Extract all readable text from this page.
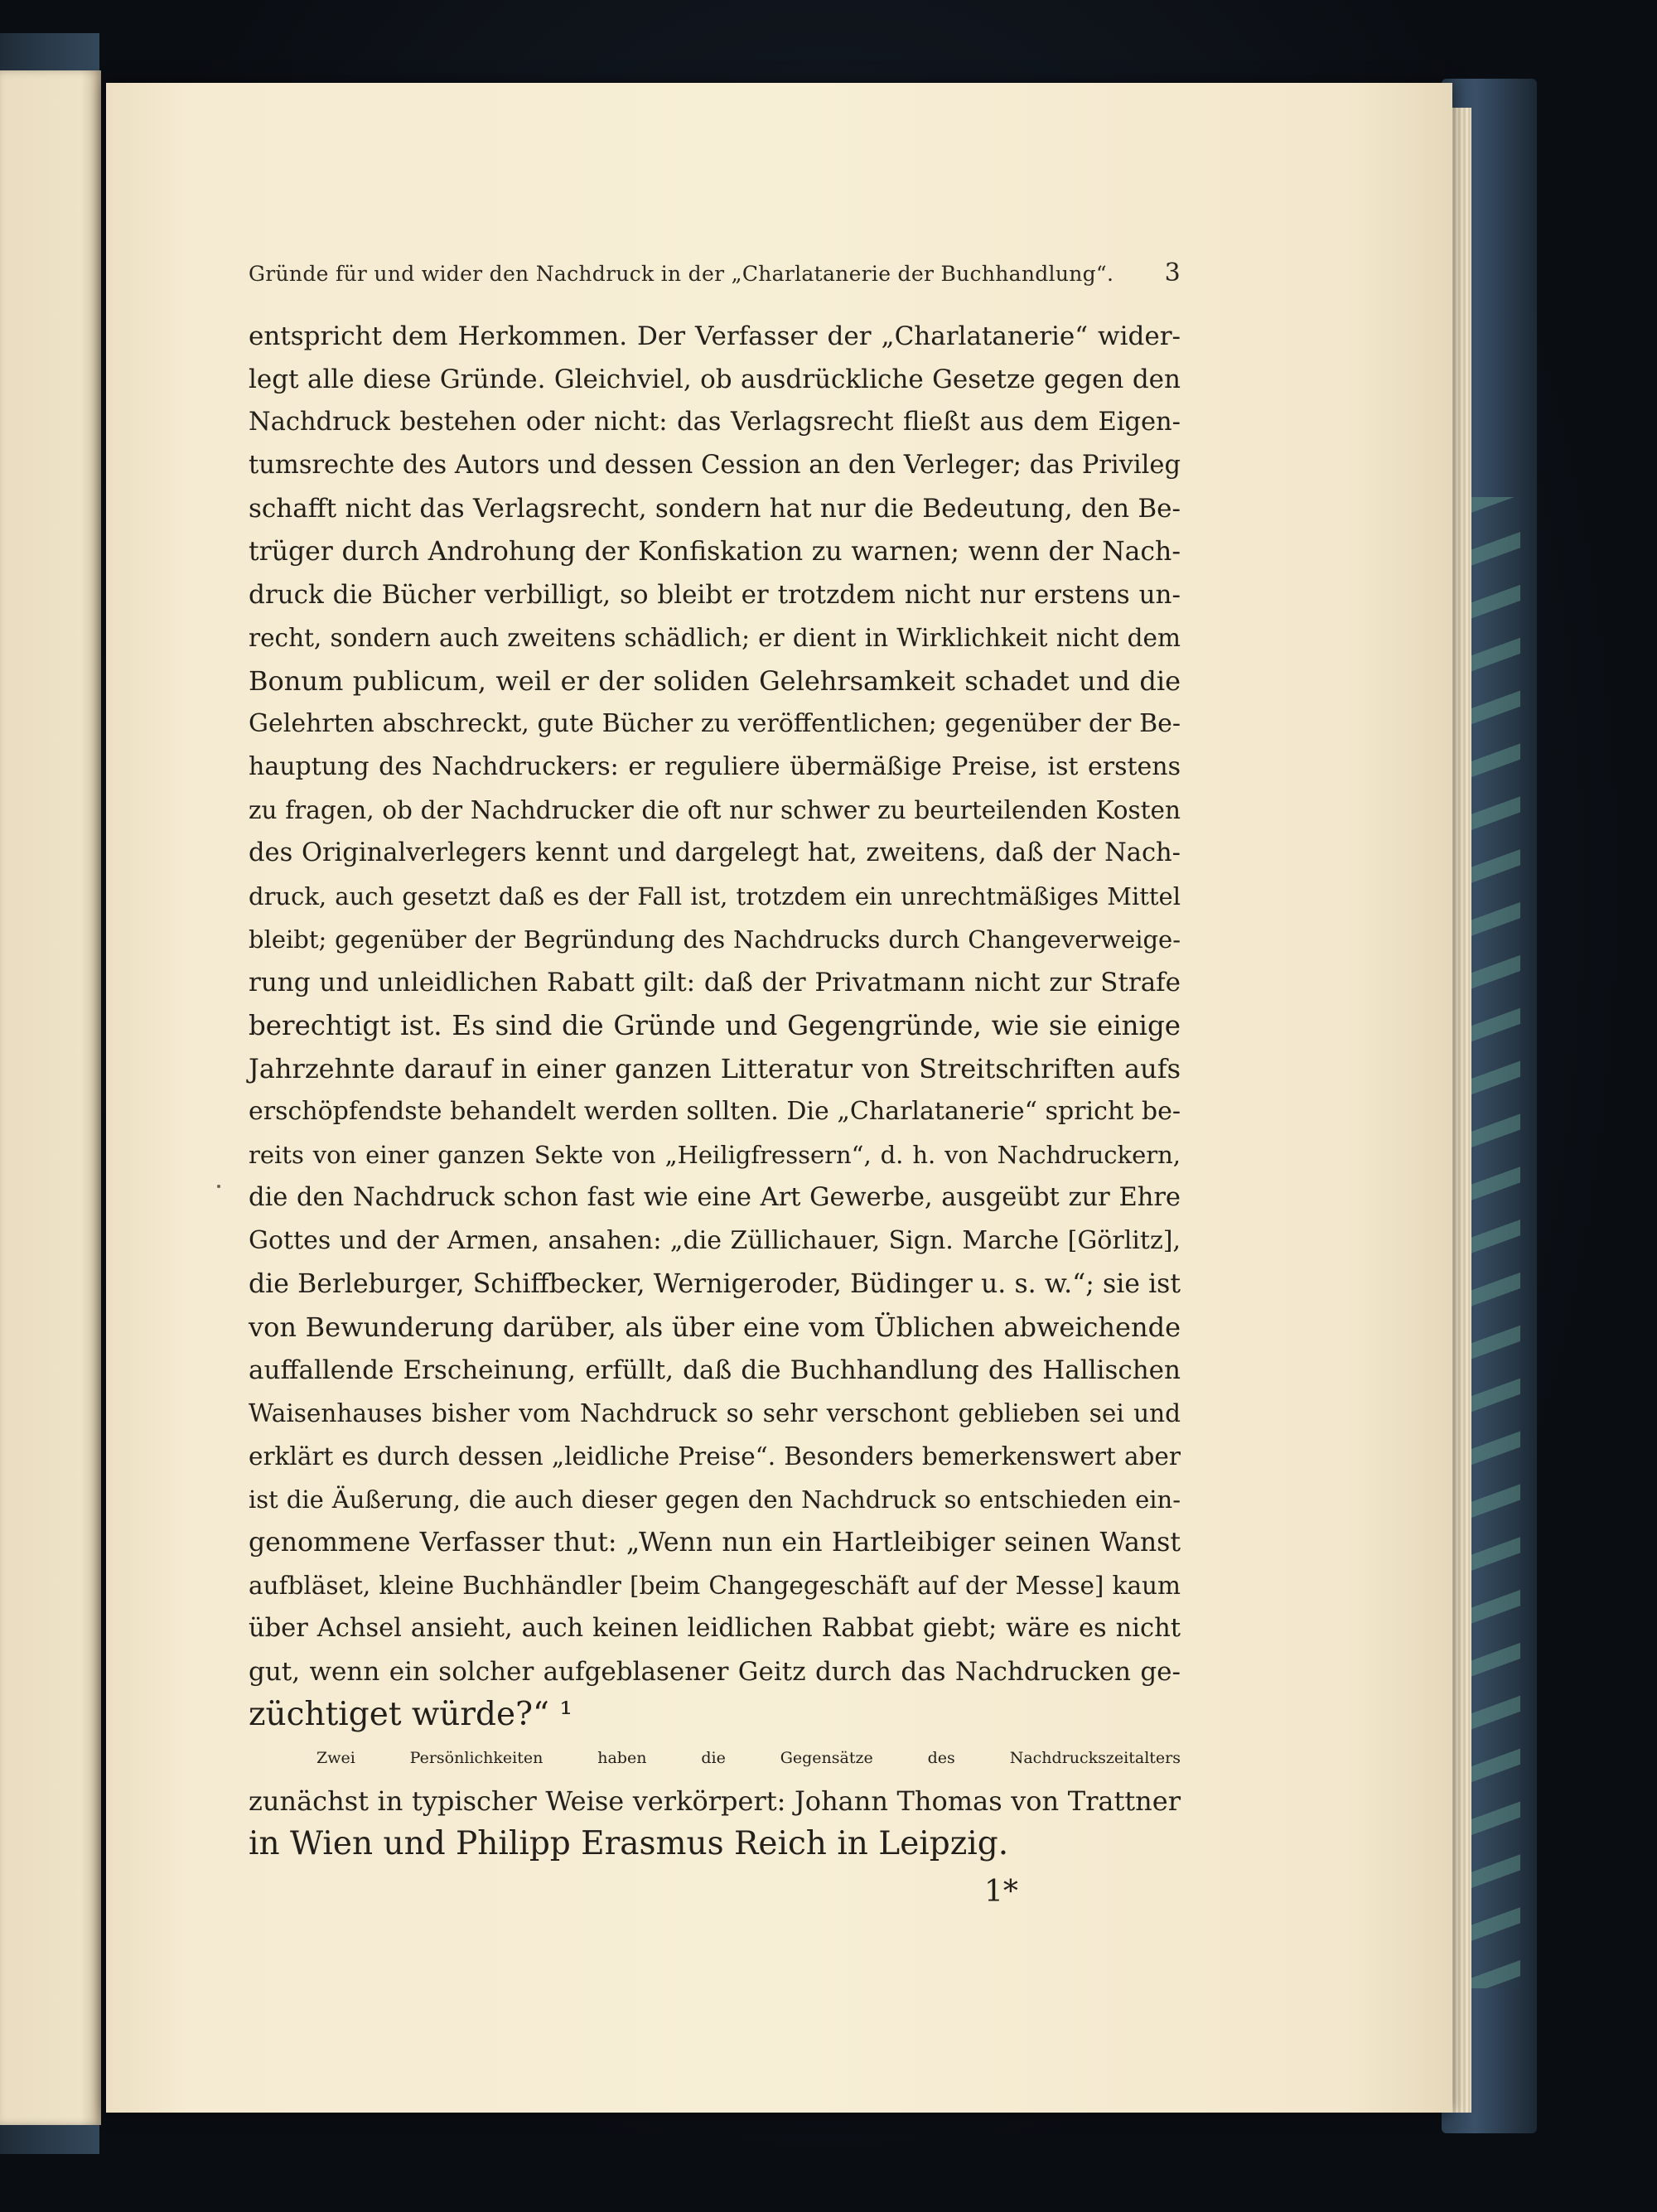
Gründe für und wider den Nachdruck in der „Charlatanerie der Buchhandlung“. 3
entspricht dem Herkommen. Der Verfasser der „Charlatanerie“ wider-
legt alle diese Gründe. Gleichviel, ob ausdrückliche Gesetze gegen den
Nachdruck bestehen oder nicht: das Verlagsrecht fließt aus dem Eigen-
tumsrechte des Autors und dessen Cession an den Verleger; das Privileg
schafft nicht das Verlagsrecht, sondern hat nur die Bedeutung, den Be-
trüger durch Androhung der Konfiskation zu warnen; wenn der Nach-
druck die Bücher verbilligt, so bleibt er trotzdem nicht nur erstens un-
recht, sondern auch zweitens schädlich; er dient in Wirklichkeit nicht dem
Bonum publicum, weil er der soliden Gelehrsamkeit schadet und die
Gelehrten abschreckt, gute Bücher zu veröffentlichen; gegenüber der Be-
hauptung des Nachdruckers: er reguliere übermäßige Preise, ist erstens
zu fragen, ob der Nachdrucker die oft nur schwer zu beurteilenden Kosten
des Originalverlegers kennt und dargelegt hat, zweitens, daß der Nach-
druck, auch gesetzt daß es der Fall ist, trotzdem ein unrechtmäßiges Mittel
bleibt; gegenüber der Begründung des Nachdrucks durch Changeverweige-
rung und unleidlichen Rabatt gilt: daß der Privatmann nicht zur Strafe
berechtigt ist. Es sind die Gründe und Gegengründe, wie sie einige
Jahrzehnte darauf in einer ganzen Litteratur von Streitschriften aufs
erschöpfendste behandelt werden sollten. Die „Charlatanerie“ spricht be-
reits von einer ganzen Sekte von „Heiligfressern“, d. h. von Nachdruckern,
die den Nachdruck schon fast wie eine Art Gewerbe, ausgeübt zur Ehre
Gottes und der Armen, ansahen: „die Züllichauer, Sign. Marche [Görlitz],
die Berleburger, Schiffbecker, Wernigeroder, Büdinger u. s. w.“; sie ist
von Bewunderung darüber, als über eine vom Üblichen abweichende
auffallende Erscheinung, erfüllt, daß die Buchhandlung des Hallischen
Waisenhauses bisher vom Nachdruck so sehr verschont geblieben sei und
erklärt es durch dessen „leidliche Preise“. Besonders bemerkenswert aber
ist die Äußerung, die auch dieser gegen den Nachdruck so entschieden ein-
genommene Verfasser thut: „Wenn nun ein Hartleibiger seinen Wanst
aufbläset, kleine Buchhändler [beim Changegeschäft auf der Messe] kaum
über Achsel ansieht, auch keinen leidlichen Rabbat giebt; wäre es nicht
gut, wenn ein solcher aufgeblasener Geitz durch das Nachdrucken ge-
züchtiget würde?“ ¹
Zwei Persönlichkeiten haben die Gegensätze des Nachdruckszeitalters
zunächst in typischer Weise verkörpert: Johann Thomas von Trattner
in Wien und Philipp Erasmus Reich in Leipzig.
1*
